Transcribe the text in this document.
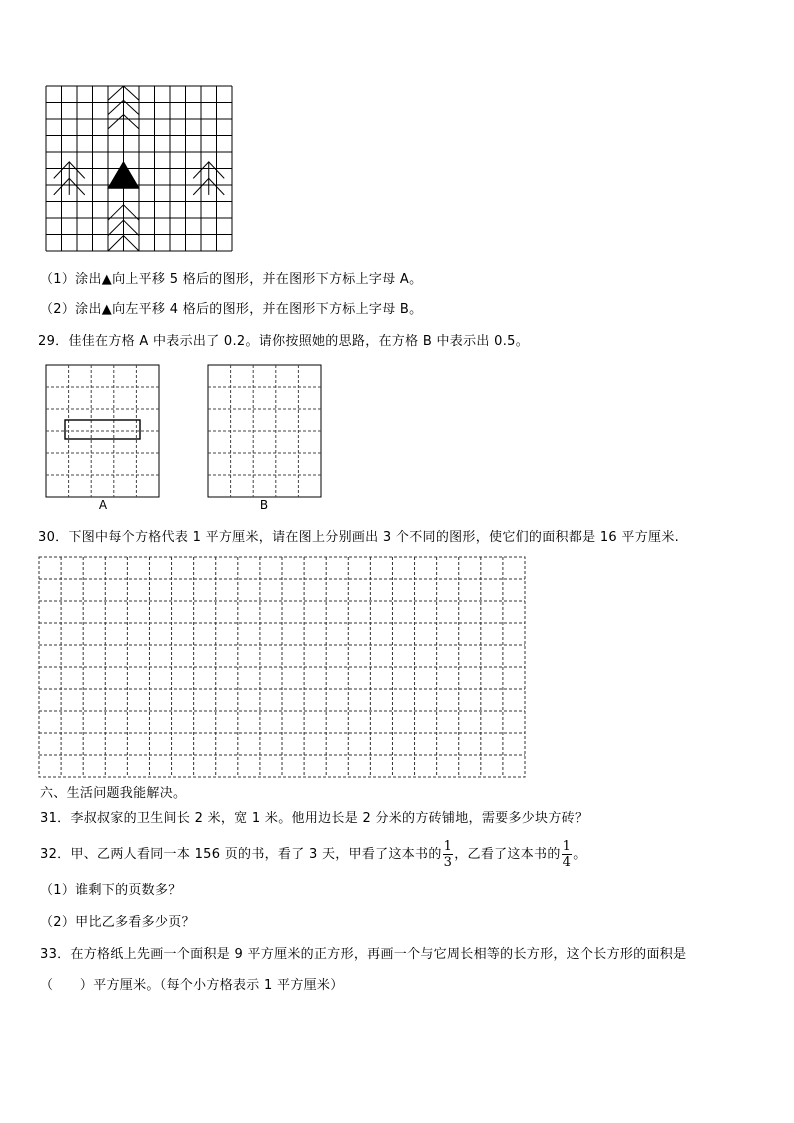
（1）涂出▲向上平移 5 格后的图形，并在图形下方标上字母 A。
（2）涂出▲向左平移 4 格后的图形，并在图形下方标上字母 B。
29．佳佳在方格 A 中表示出了 0.2。请你按照她的思路，在方格 B 中表示出 0.5。
A	B
30．下图中每个方格代表 1 平方厘米，请在图上分别画出 3 个不同的图形，使它们的面积都是 16 平方厘米.
六、生活问题我能解决。
31．李叔叔家的卫生间长 2 米，宽 1 米。他用边长是 2 分米的方砖铺地，需要多少块方砖？
32．甲、乙两人看同一本 156 页的书，看了 3 天，甲看了这本书的 $\frac{1}{3}$ ，乙看了这本书的 $\frac{1}{4}$ 。
（1）谁剩下的页数多？
（2）甲比乙多看多少页？
33．在方格纸上先画一个面积是 9 平方厘米的正方形，再画一个与它周长相等的长方形，这个长方形的面积是
（　　）平方厘米。（每个小方格表示 1 平方厘米）
